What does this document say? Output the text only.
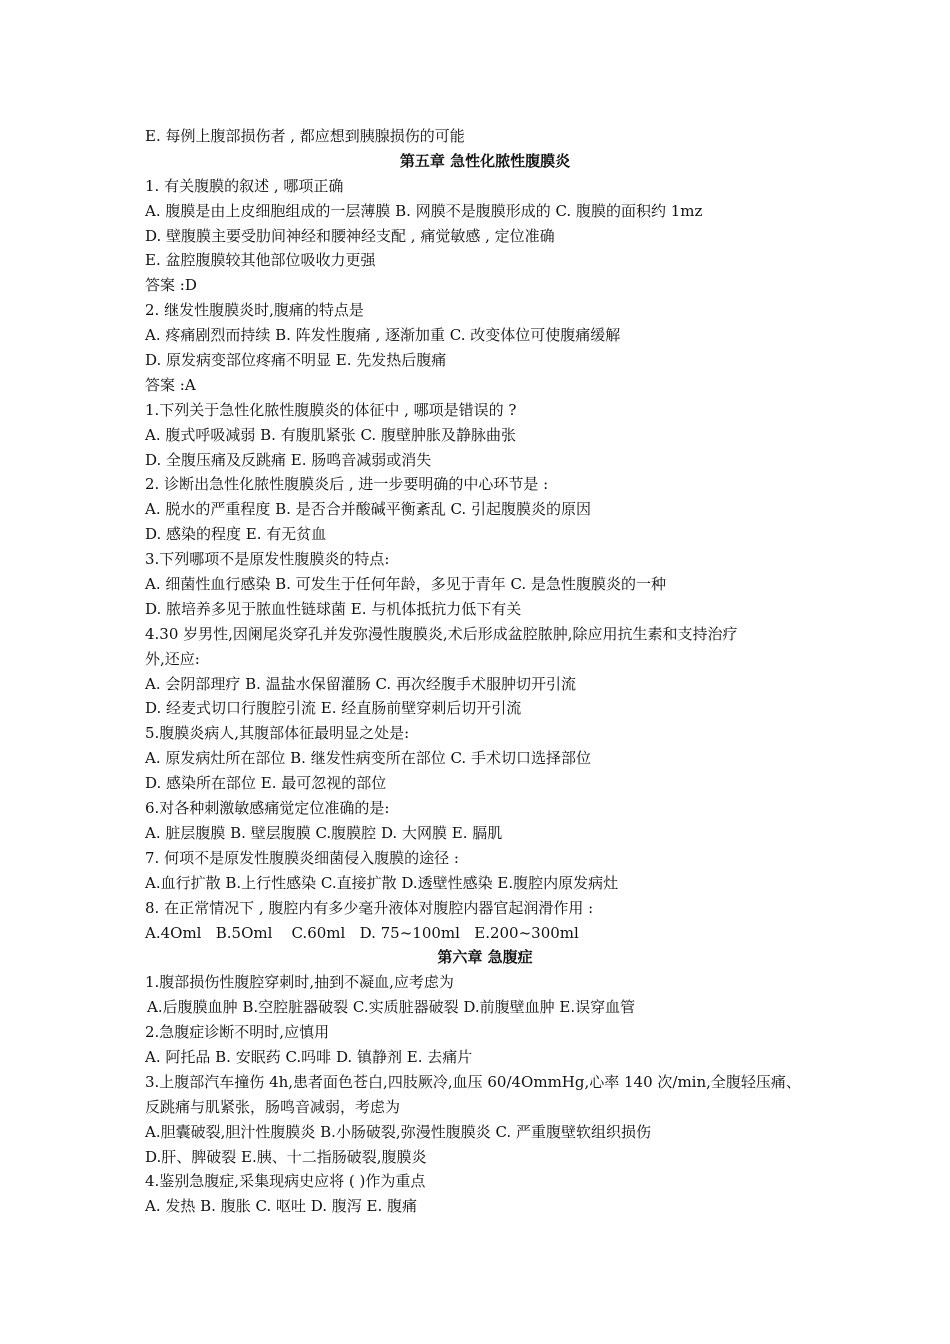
E. 每例上腹部损伤者 , 都应想到胰腺损伤的可能
第五章 急性化脓性腹膜炎
1. 有关腹膜的叙述 , 哪项正确
A. 腹膜是由上皮细胞组成的一层薄膜 B. 网膜不是腹膜形成的 C. 腹膜的面积约 1mz
D. 壁腹膜主要受肋间神经和腰神经支配 , 痛觉敏感 , 定位准确
E. 盆腔腹膜较其他部位吸收力更强
答案 :D
2. 继发性腹膜炎时,腹痛的特点是
A. 疼痛剧烈而持续 B. 阵发性腹痛 , 逐渐加重 C. 改变体位可使腹痛缓解
D. 原发病变部位疼痛不明显 E. 先发热后腹痛
答案 :A
1.下列关于急性化脓性腹膜炎的体征中 , 哪项是错误的 ?
A. 腹式呼吸减弱 B. 有腹肌紧张 C. 腹壁肿胀及静脉曲张
D. 全腹压痛及反跳痛 E. 肠鸣音减弱或消失
2. 诊断出急性化脓性腹膜炎后 , 进一步要明确的中心环节是 :
A. 脱水的严重程度 B. 是否合并酸碱平衡紊乱 C. 引起腹膜炎的原因
D. 感染的程度 E. 有无贫血
3.下列哪项不是原发性腹膜炎的特点:
A. 细菌性血行感染 B. 可发生于任何年龄，多见于青年 C. 是急性腹膜炎的一种
D. 脓培养多见于脓血性链球菌 E. 与机体抵抗力低下有关
4.30 岁男性,因阑尾炎穿孔并发弥漫性腹膜炎,术后形成盆腔脓肿,除应用抗生素和支持治疗
外,还应:
A. 会阴部理疗 B. 温盐水保留灌肠 C. 再次经腹手术服肿切开引流
D. 经麦式切口行腹腔引流 E. 经直肠前壁穿刺后切开引流
5.腹膜炎病人,其腹部体征最明显之处是:
A. 原发病灶所在部位 B. 继发性病变所在部位 C. 手术切口选择部位
D. 感染所在部位 E. 最可忽视的部位
6.对各种刺激敏感痛觉定位准确的是:
A. 脏层腹膜 B. 壁层腹膜 C.腹膜腔 D. 大网膜 E. 膈肌
7. 何项不是原发性腹膜炎细菌侵入腹膜的途径 :
A.血行扩散 B.上行性感染 C.直接扩散 D.透壁性感染 E.腹腔内原发病灶
8. 在正常情况下 , 腹腔内有多少毫升液体对腹腔内器官起润滑作用 :
A.4Oml   B.5Oml    C.60ml   D. 75~100ml   E.200~300ml
第六章 急腹症
1.腹部损伤性腹腔穿刺时,抽到不凝血,应考虑为
A.后腹膜血肿 B.空腔脏器破裂 C.实质脏器破裂 D.前腹壁血肿 E.误穿血管
2.急腹症诊断不明时,应慎用
A. 阿托品 B. 安眠药 C.吗啡 D. 镇静剂 E. 去痛片
3.上腹部汽车撞伤 4h,患者面色苍白,四肢厥冷,血压 60/4OmmHg,心率 140 次/min,全腹轻压痛、
反跳痛与肌紧张，肠鸣音减弱，考虑为
A.胆囊破裂,胆汁性腹膜炎 B.小肠破裂,弥漫性腹膜炎 C. 严重腹壁软组织损伤
D.肝、脾破裂 E.胰、十二指肠破裂,腹膜炎
4.鉴别急腹症,采集现病史应将 ( )作为重点
A. 发热 B. 腹胀 C. 呕吐 D. 腹泻 E. 腹痛
